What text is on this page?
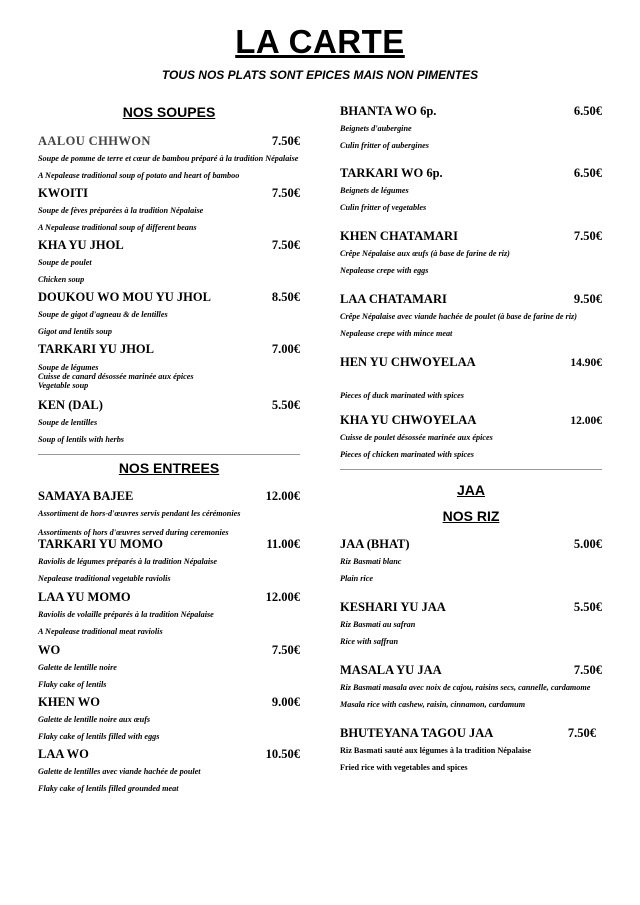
LA CARTE
TOUS NOS PLATS SONT EPICES MAIS NON PIMENTES
NOS SOUPES
AALOU CHHWON	7.50€
Soupe de pomme de terre et cœur de bambou préparé à la tradition Népalaise
A Nepalease traditional soup of potato and heart of bamboo
KWOITI	7.50€
Soupe de fèves préparées à la tradition Népalaise
A Nepalease traditional soup of different beans
KHA YU JHOL	7.50€
Soupe de poulet
Chicken soup
DOUKOU WO MOU YU JHOL	8.50€
Soupe de gigot d'agneau & de lentilles
Gigot and lentils soup
TARKARI YU JHOL	7.00€
Soupe de légumes
Cuisse de canard désossée marinée aux épices
Vegetable soup
KEN (DAL)	5.50€
Soupe de lentilles
Soup of lentils with herbs
NOS ENTREES
SAMAYA BAJEE	12.00€
Assortiment de hors-d'œuvres servis pendant les cérémonies
Assortiments of hors d'œuvres served during ceremonies
TARKARI YU MOMO	11.00€
Raviolis de légumes préparés à la tradition Népalaise
Nepalease traditional vegetable raviolis
LAA YU MOMO	12.00€
Raviolis de volaille préparés à la tradition Népalaise
A Nepalease traditional meat raviolis
WO	7.50€
Galette de lentille noire
Flaky cake of lentils
KHEN WO	9.00€
Galette de lentille noire aux œufs
Flaky cake of lentils filled with eggs
LAA WO	10.50€
Galette de lentilles avec viande hachée de poulet
Flaky cake of lentils filled grounded meat
BHANTA WO 6p.	6.50€
Beignets d'aubergine
Culin fritter of aubergines
TARKARI WO 6p.	6.50€
Beignets de légumes
Culin fritter of vegetables
KHEN CHATAMARI	7.50€
Crêpe Népalaise aux œufs (à base de farine de riz)
Nepalease crepe with eggs
LAA CHATAMARI	9.50€
Crêpe Népalaise avec viande hachée de poulet (à base de farine de riz)
Nepalease crepe with mince meat
HEN YU CHWOYELAA	14.90€
Pieces of duck marinated with spices
KHA YU CHWOYELAA	12.00€
Cuisse de poulet désossée marinée aux épices
Pieces of chicken marinated with spices
JAA
NOS RIZ
JAA (BHAT)	5.00€
Riz Basmati blanc
Plain rice
KESHARI YU JAA	5.50€
Riz Basmati au safran
Rice with saffran
MASALA YU JAA	7.50€
Riz Basmati masala avec noix de cajou, raisins secs, cannelle, cardamome
Masala rice with cashew, raisin, cinnamon, cardamum
BHUTEYANA TAGOU JAA	7.50€
Riz Basmati sauté aux légumes à la tradition Népalaise
Fried rice with vegetables and spices
